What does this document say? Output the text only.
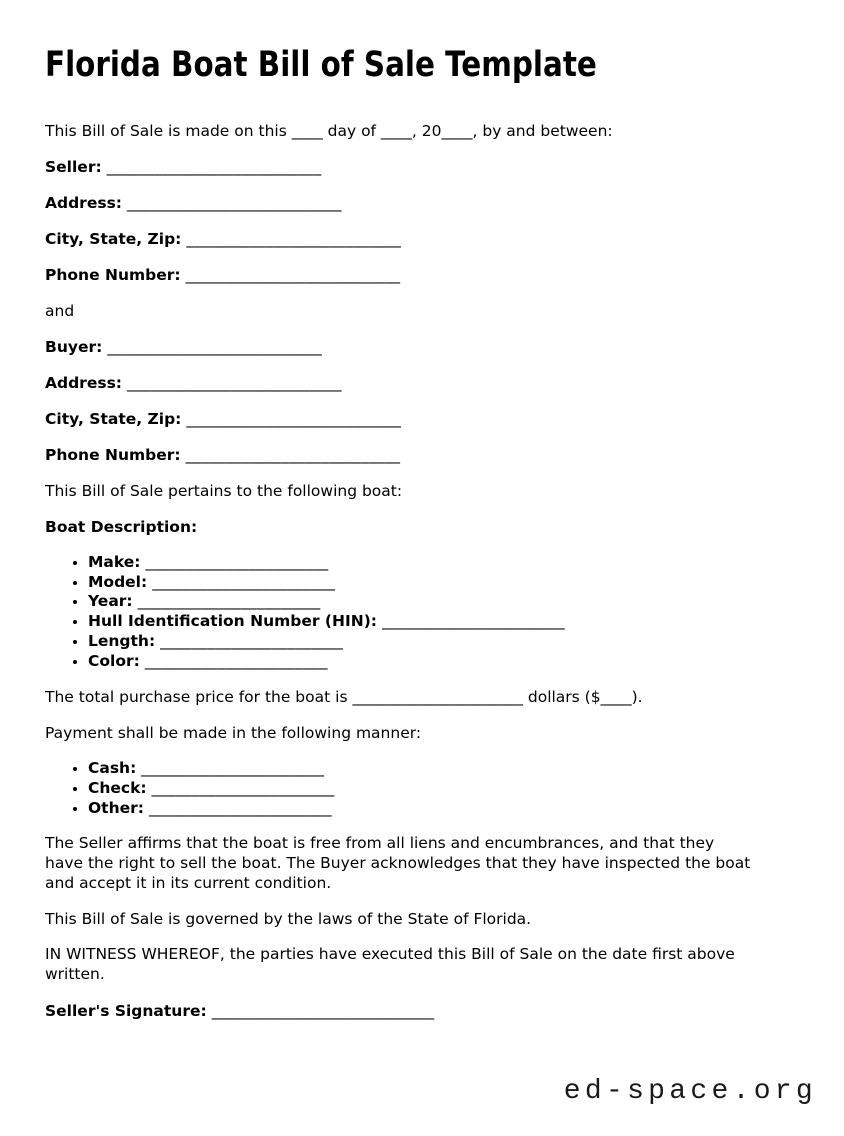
Florida Boat Bill of Sale Template

This Bill of Sale is made on this ____ day of ____, 20____, by and between:

Seller: ___________________________

Address: ___________________________

City, State, Zip: ___________________________

Phone Number: ___________________________

and

Buyer: ___________________________

Address: ___________________________

City, State, Zip: ___________________________

Phone Number: ___________________________

This Bill of Sale pertains to the following boat:

Boat Description:

• Make: _______________________
• Model: _______________________
• Year: _______________________
• Hull Identification Number (HIN): _______________________
• Length: _______________________
• Color: _______________________

The total purchase price for the boat is ______________________ dollars ($____).

Payment shall be made in the following manner:

• Cash: _______________________
• Check: _______________________
• Other: _______________________
The Seller affirms that the boat is free from all liens and encumbrances, and that they
have the right to sell the boat. The Buyer acknowledges that they have inspected the boat
and accept it in its current condition.

This Bill of Sale is governed by the laws of the State of Florida.

IN WITNESS WHEREOF, the parties have executed this Bill of Sale on the date first above
written.

Seller's Signature: ____________________________

ed-space.org
